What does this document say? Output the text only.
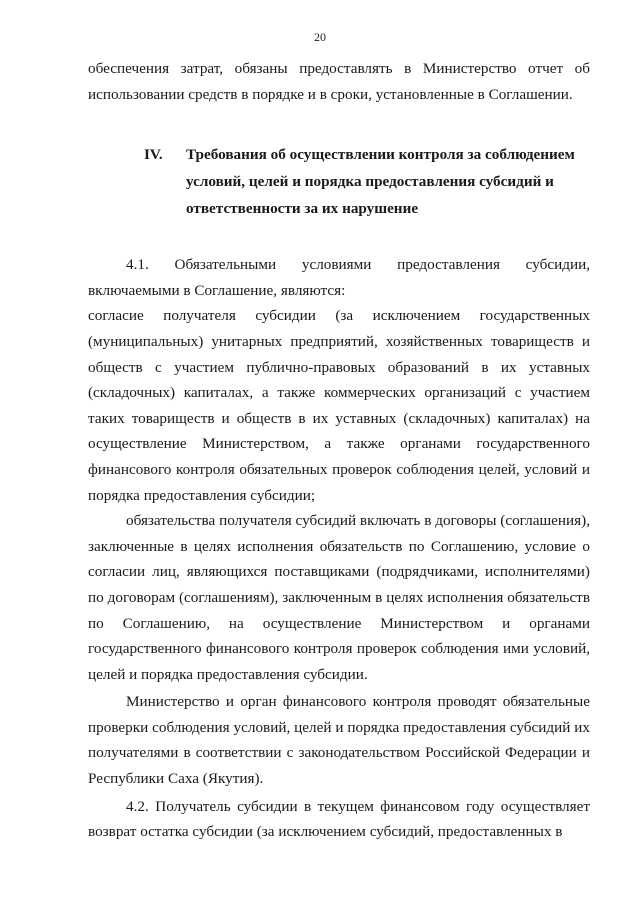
20

обеспечения затрат, обязаны предоставлять в Министерство отчет об использовании средств в порядке и в сроки, установленные в Соглашении.

IV.	Требования об осуществлении контроля за соблюдением условий, целей и порядка предоставления субсидий и ответственности за их нарушение

4.1. Обязательными условиями предоставления субсидии, включаемыми в Соглашение, являются:

согласие получателя субсидии (за исключением государственных (муниципальных) унитарных предприятий, хозяйственных товариществ и обществ с участием публично-правовых образований в их уставных (складочных) капиталах, а также коммерческих организаций с участием таких товариществ и обществ в их уставных (складочных) капиталах) на осуществление Министерством, а также органами государственного финансового контроля обязательных проверок соблюдения целей, условий и порядка предоставления субсидии;

обязательства получателя субсидий включать в договоры (соглашения), заключенные в целях исполнения обязательств по Соглашению, условие о согласии лиц, являющихся поставщиками (подрядчиками, исполнителями) по договорам (соглашениям), заключенным в целях исполнения обязательств по Соглашению, на осуществление Министерством и органами государственного финансового контроля проверок соблюдения ими условий, целей и порядка предоставления субсидии.

Министерство и орган финансового контроля проводят обязательные проверки соблюдения условий, целей и порядка предоставления субсидий их получателями в соответствии с законодательством Российской Федерации и Республики Саха (Якутия).

4.2. Получатель субсидии в текущем финансовом году осуществляет возврат остатка субсидии (за исключением субсидий, предоставленных в
